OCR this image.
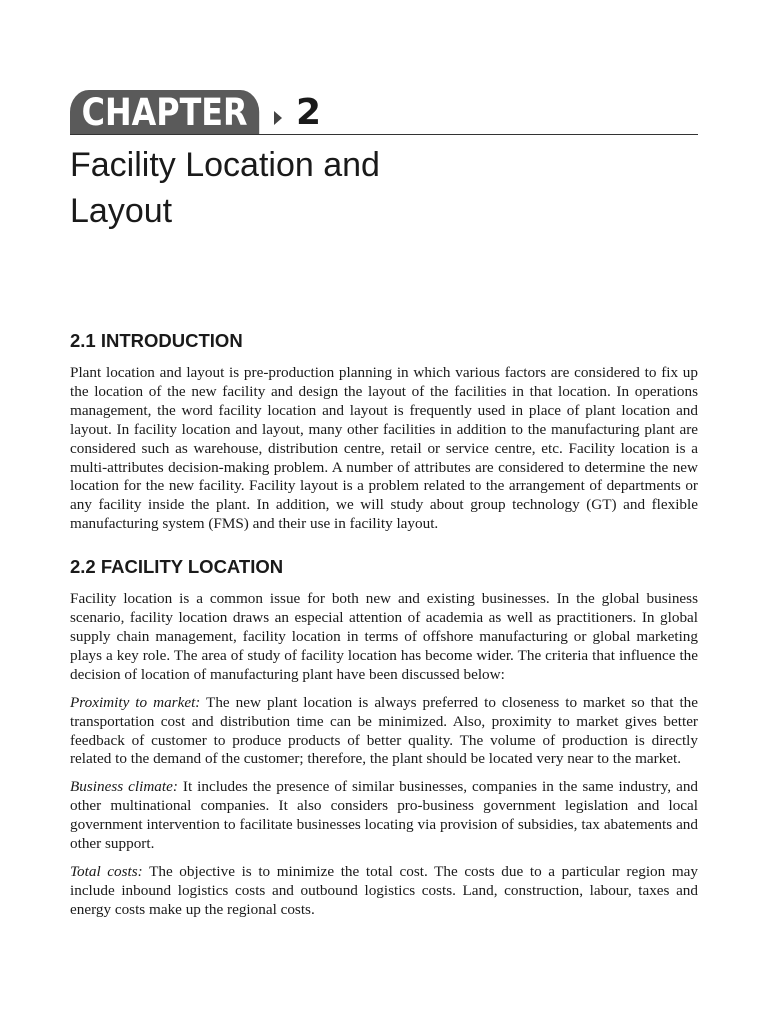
CHAPTER	2
Facility Location and
Layout
2.1 INTRODUCTION

Plant location and layout is pre-production planning in which various factors are considered to fix up the location of the new facility and design the layout of the facilities in that location. In operations management, the word facility location and layout is frequently used in place of plant location and layout. In facility location and layout, many other facilities in addition to the manufacturing plant are considered such as warehouse, distribution centre, retail or service centre, etc. Facility location is a multi-attributes decision-making problem. A number of attributes are considered to determine the new location for the new facility. Facility layout is a problem related to the arrangement of departments or any facility inside the plant. In addition, we will study about group technology (GT) and flexible manufacturing system (FMS) and their use in facility layout.

2.2 FACILITY LOCATION

Facility location is a common issue for both new and existing businesses. In the global business scenario, facility location draws an especial attention of academia as well as practitioners. In global supply chain management, facility location in terms of offshore manufacturing or global marketing plays a key role. The area of study of facility location has become wider. The criteria that influence the decision of location of manufacturing plant have been discussed below:

Proximity to market: The new plant location is always preferred to closeness to market so that the transportation cost and distribution time can be minimized. Also, proximity to market gives better feedback of customer to produce products of better quality. The volume of production is directly related to the demand of the customer; therefore, the plant should be located very near to the market.

Business climate: It includes the presence of similar businesses, companies in the same industry, and other multinational companies. It also considers pro-business government legislation and local government intervention to facilitate businesses locating via provision of subsidies, tax abatements and other support.

Total costs: The objective is to minimize the total cost. The costs due to a particular region may include inbound logistics costs and outbound logistics costs. Land, construction, labour, taxes and energy costs make up the regional costs.
